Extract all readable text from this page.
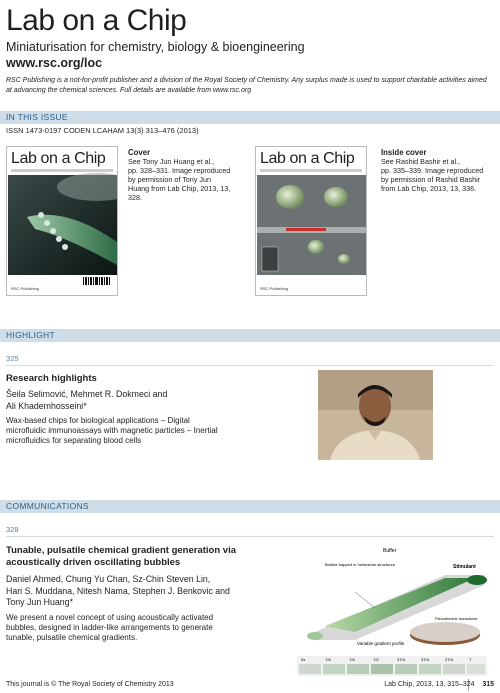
Lab on a Chip
Miniaturisation for chemistry, biology & bioengineering
www.rsc.org/loc
RSC Publishing is a not-for-profit publisher and a division of the Royal Society of Chemistry. Any surplus made is used to support charitable activities aimed at advancing the chemical sciences. Full details are available from www.rsc.org
IN THIS ISSUE
ISSN 1473-0197 CODEN LCAHAM 13(3) 313–476 (2013)
Lab on a Chip
RSC Publishing
Cover
See Tony Jun Huang et al.,
pp. 328–331. Image reproduced
by permission of Tony Jun
Huang from Lab Chip, 2013, 13,
328.
Lab on a Chip
RSC Publishing
Inside cover
See Rashid Bashir et al.,
pp. 335–339. Image reproduced
by permission of Rashid Bashir
from Lab Chip, 2013, 13, 336.
HIGHLIGHT
325
Research highlights
Šeila Selimović, Mehmet R. Dokmeci and
Ali Khademhosseini*
Wax-based chips for biological applications – Digital
microfluidic immunoassays with magnetic particles – Inertial
microfluidics for separating blood cells
COMMUNICATIONS
328
Tunable, pulsatile chemical gradient generation via
acoustically driven oscillating bubbles
Daniel Ahmed, Chung Yu Chan, Sz-Chin Steven Lin,
Hari S. Muddana, Nitesh Nama, Stephen J. Benkovic and
Tony Jun Huang*
We present a novel concept of using acoustically activated
bubbles, designed in ladder-like arrangements to generate
tunable, pulsatile chemical gradients.
Buffer
Stimulant
Bubble trapped in horseshoe structures
Variable gradient profile
Piezoelectric transducer
0s	T/4	T/4	T/2	3T/4	3T/4	2T/4	T
This journal is © The Royal Society of Chemistry 2013	Lab Chip, 2013, 13, 315–324 315
